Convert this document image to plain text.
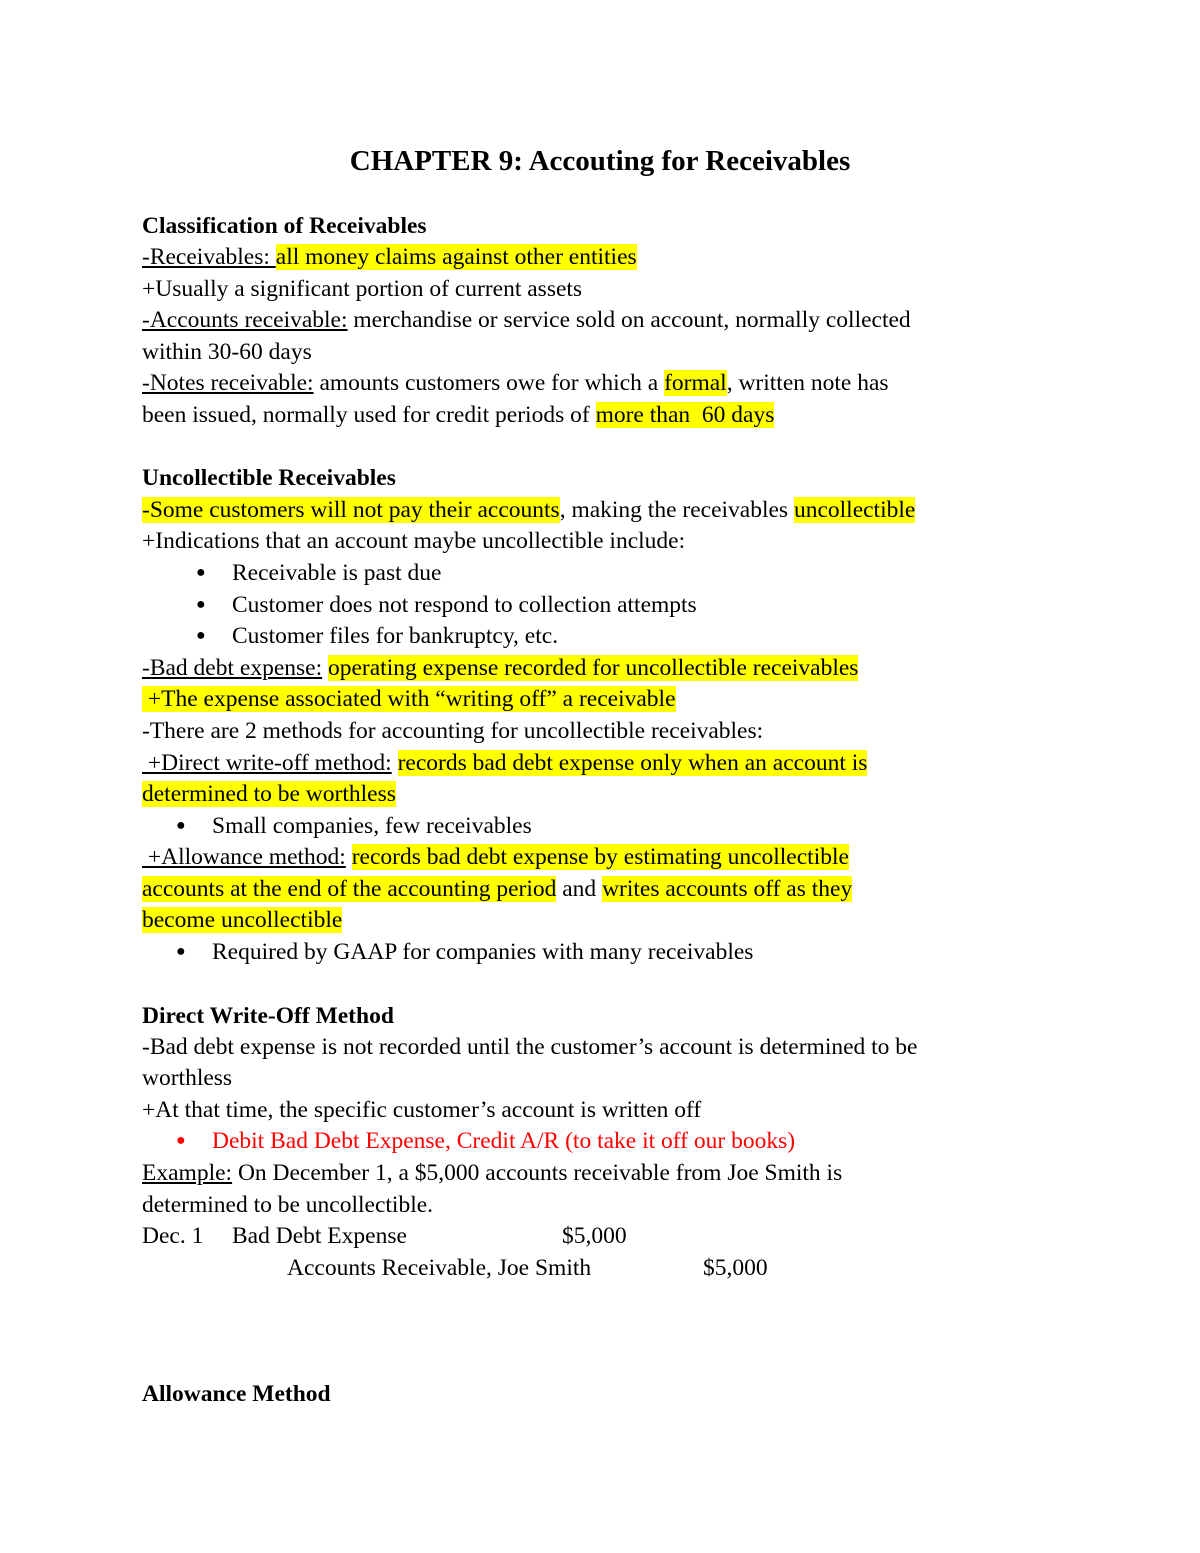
CHAPTER 9: Accouting for Receivables
Classification of Receivables
-Receivables: all money claims against other entities
+Usually a significant portion of current assets
-Accounts receivable: merchandise or service sold on account, normally collected
within 30-60 days
-Notes receivable: amounts customers owe for which a formal, written note has
been issued, normally used for credit periods of more than  60 days
Uncollectible Receivables
-Some customers will not pay their accounts, making the receivables uncollectible
+Indications that an account maybe uncollectible include:
● Receivable is past due
● Customer does not respond to collection attempts
● Customer files for bankruptcy, etc.
-Bad debt expense: operating expense recorded for uncollectible receivables
+The expense associated with “writing off” a receivable
-There are 2 methods for accounting for uncollectible receivables:
+Direct write-off method: records bad debt expense only when an account is
determined to be worthless
● Small companies, few receivables
+Allowance method: records bad debt expense by estimating uncollectible
accounts at the end of the accounting period and writes accounts off as they
become uncollectible
● Required by GAAP for companies with many receivables
Direct Write-Off Method
-Bad debt expense is not recorded until the customer’s account is determined to be
worthless
+At that time, the specific customer’s account is written off
● Debit Bad Debt Expense, Credit A/R (to take it off our books)
Example: On December 1, a $5,000 accounts receivable from Joe Smith is
determined to be uncollectible.
Dec. 1 Bad Debt Expense	$5,000
Accounts Receivable, Joe Smith	$5,000
Allowance Method
